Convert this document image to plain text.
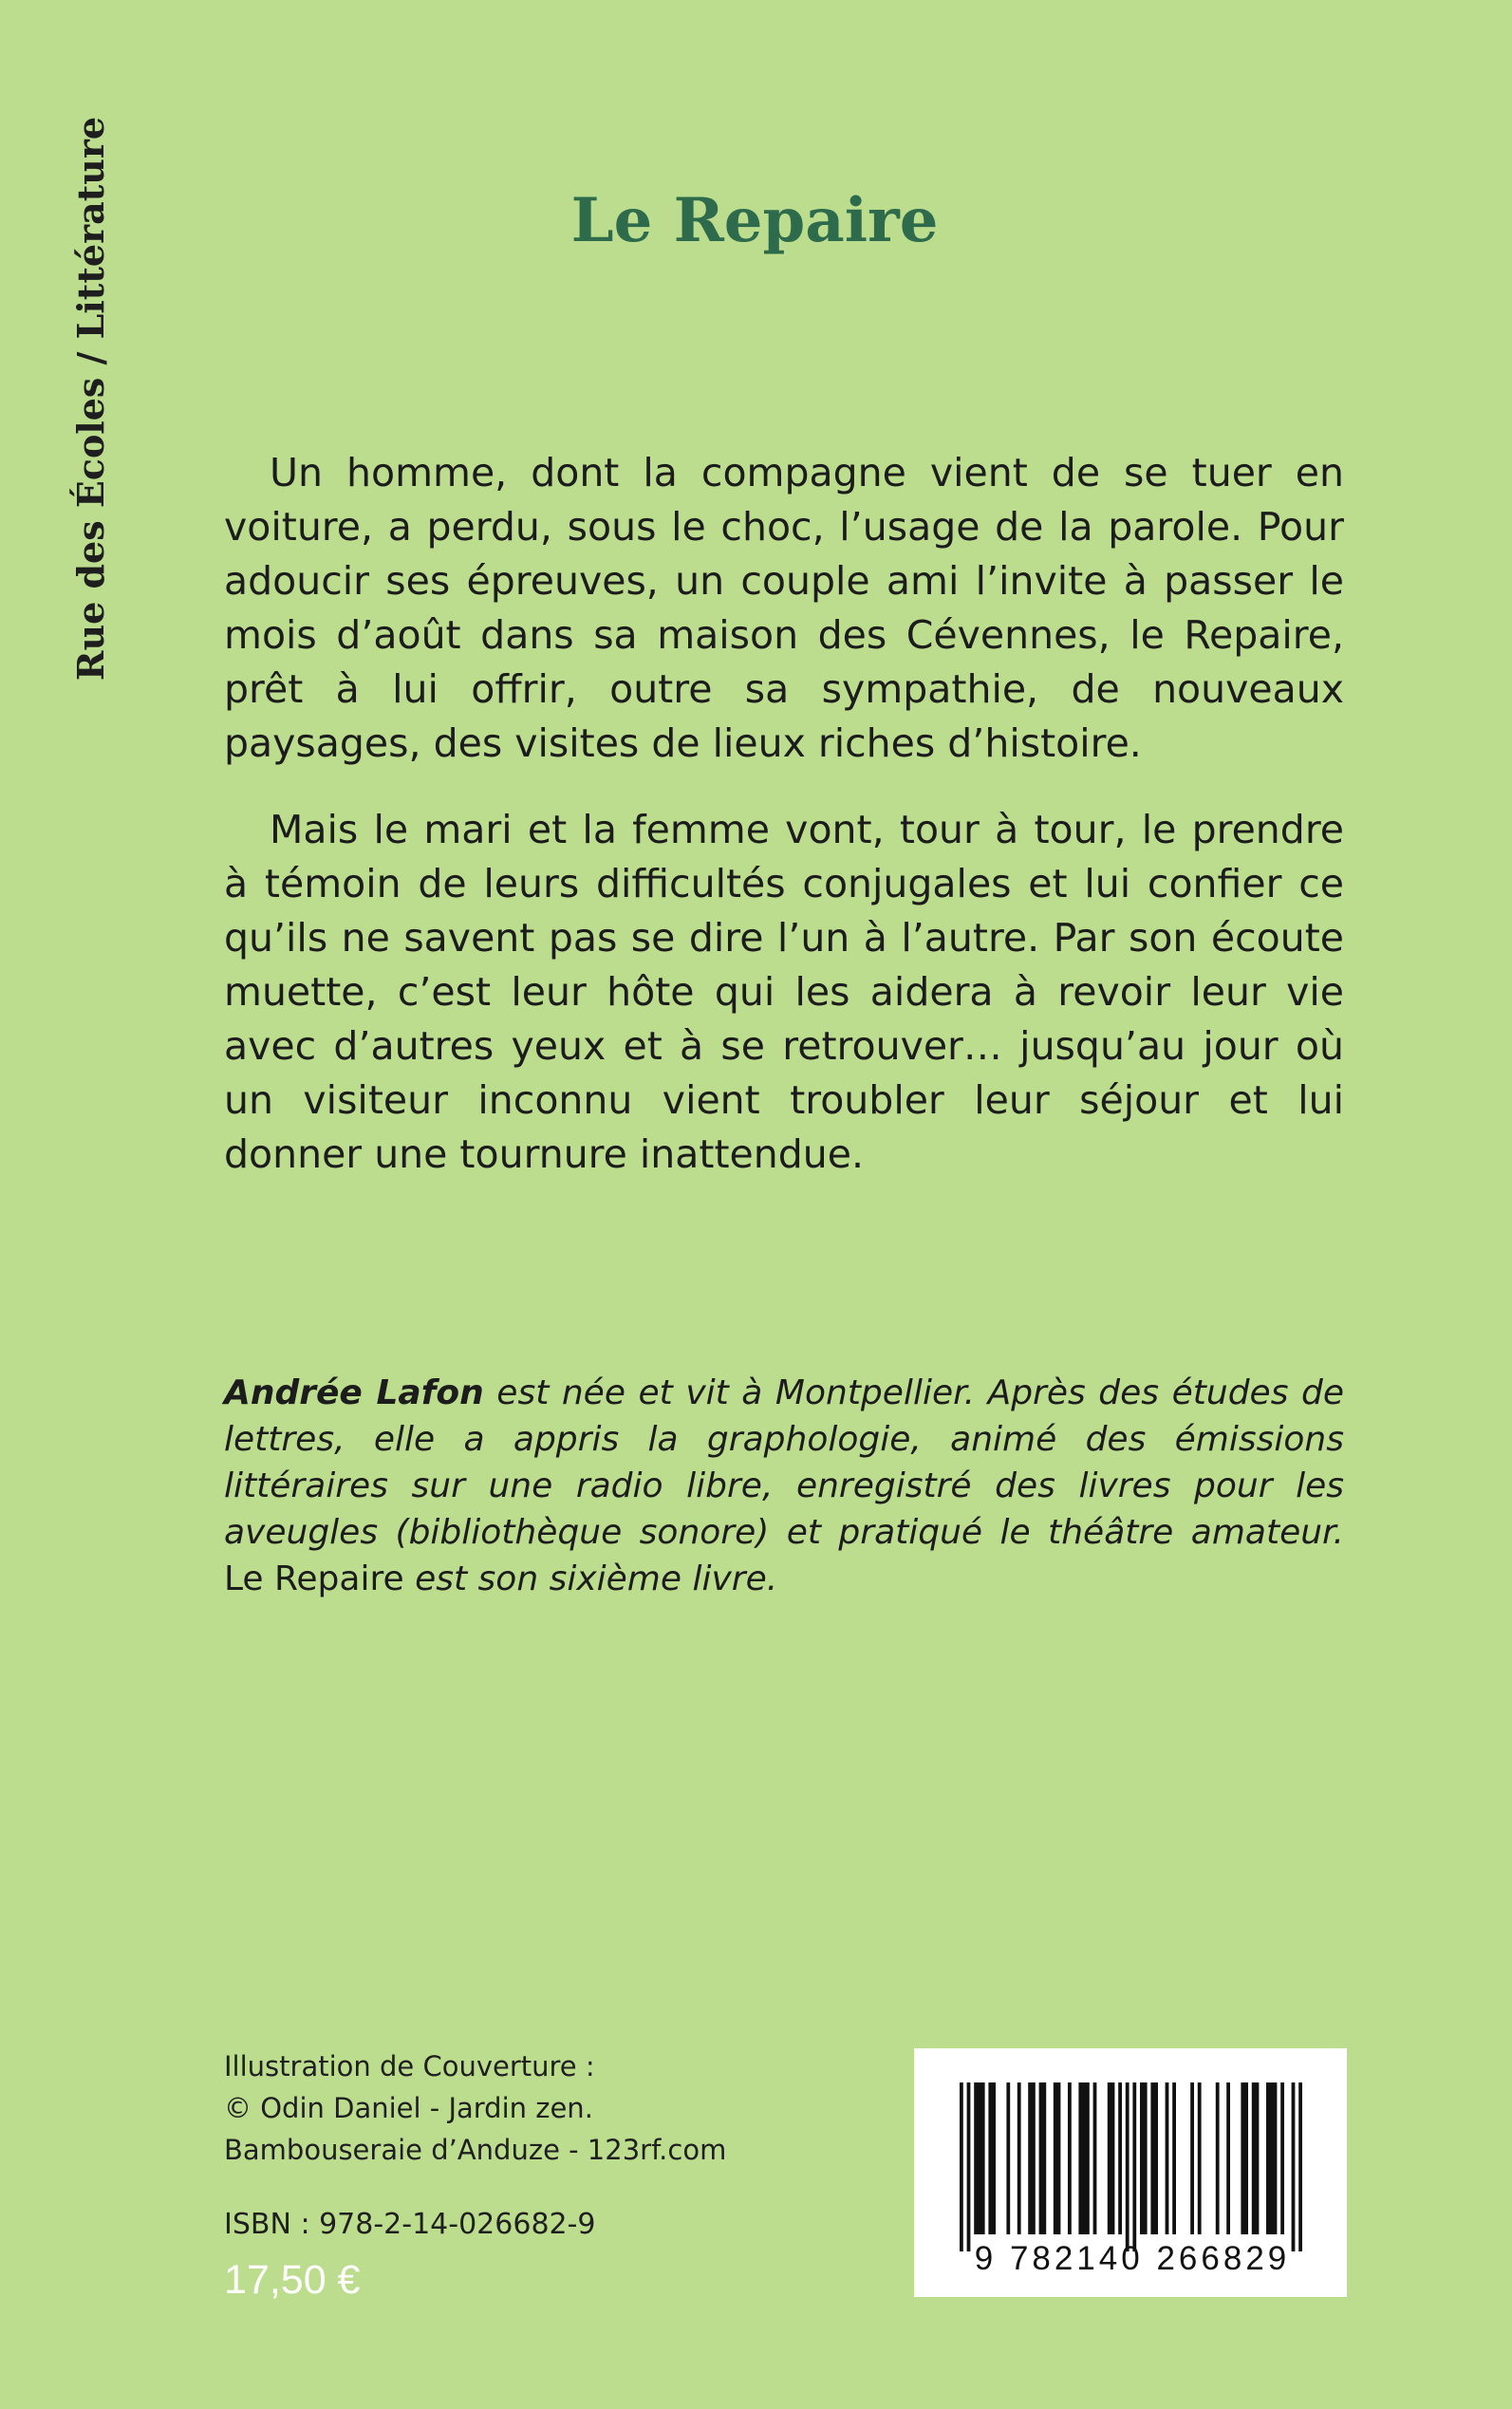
Rue des Écoles / Littérature	Le Repaire

Un homme, dont la compagne vient de se tuer en voiture, a perdu, sous le choc, l’usage de la parole. Pour adoucir ses épreuves, un couple ami l’invite à passer le mois d’août dans sa maison des Cévennes, le Repaire, prêt à lui offrir, outre sa sympathie, de nouveaux paysages, des visites de lieux riches d’histoire.

Mais le mari et la femme vont, tour à tour, le prendre à témoin de leurs difficultés conjugales et lui confier ce qu’ils ne savent pas se dire l’un à l’autre. Par son écoute muette, c’est leur hôte qui les aidera à revoir leur vie avec d’autres yeux et à se retrouver… jusqu’au jour où un visiteur inconnu vient troubler leur séjour et lui donner une tournure inattendue.

Andrée Lafon est née et vit à Montpellier. Après des études de lettres, elle a appris la graphologie, animé des émissions littéraires sur une radio libre, enregistré des livres pour les aveugles (bibliothèque sonore) et pratiqué le théâtre amateur. Le Repaire est son sixième livre.

Illustration de Couverture :
© Odin Daniel - Jardin zen.
Bambouseraie d’Anduze - 123rf.com
ISBN : 978-2-14-026682-9
17,50 €	9 782140 266829
